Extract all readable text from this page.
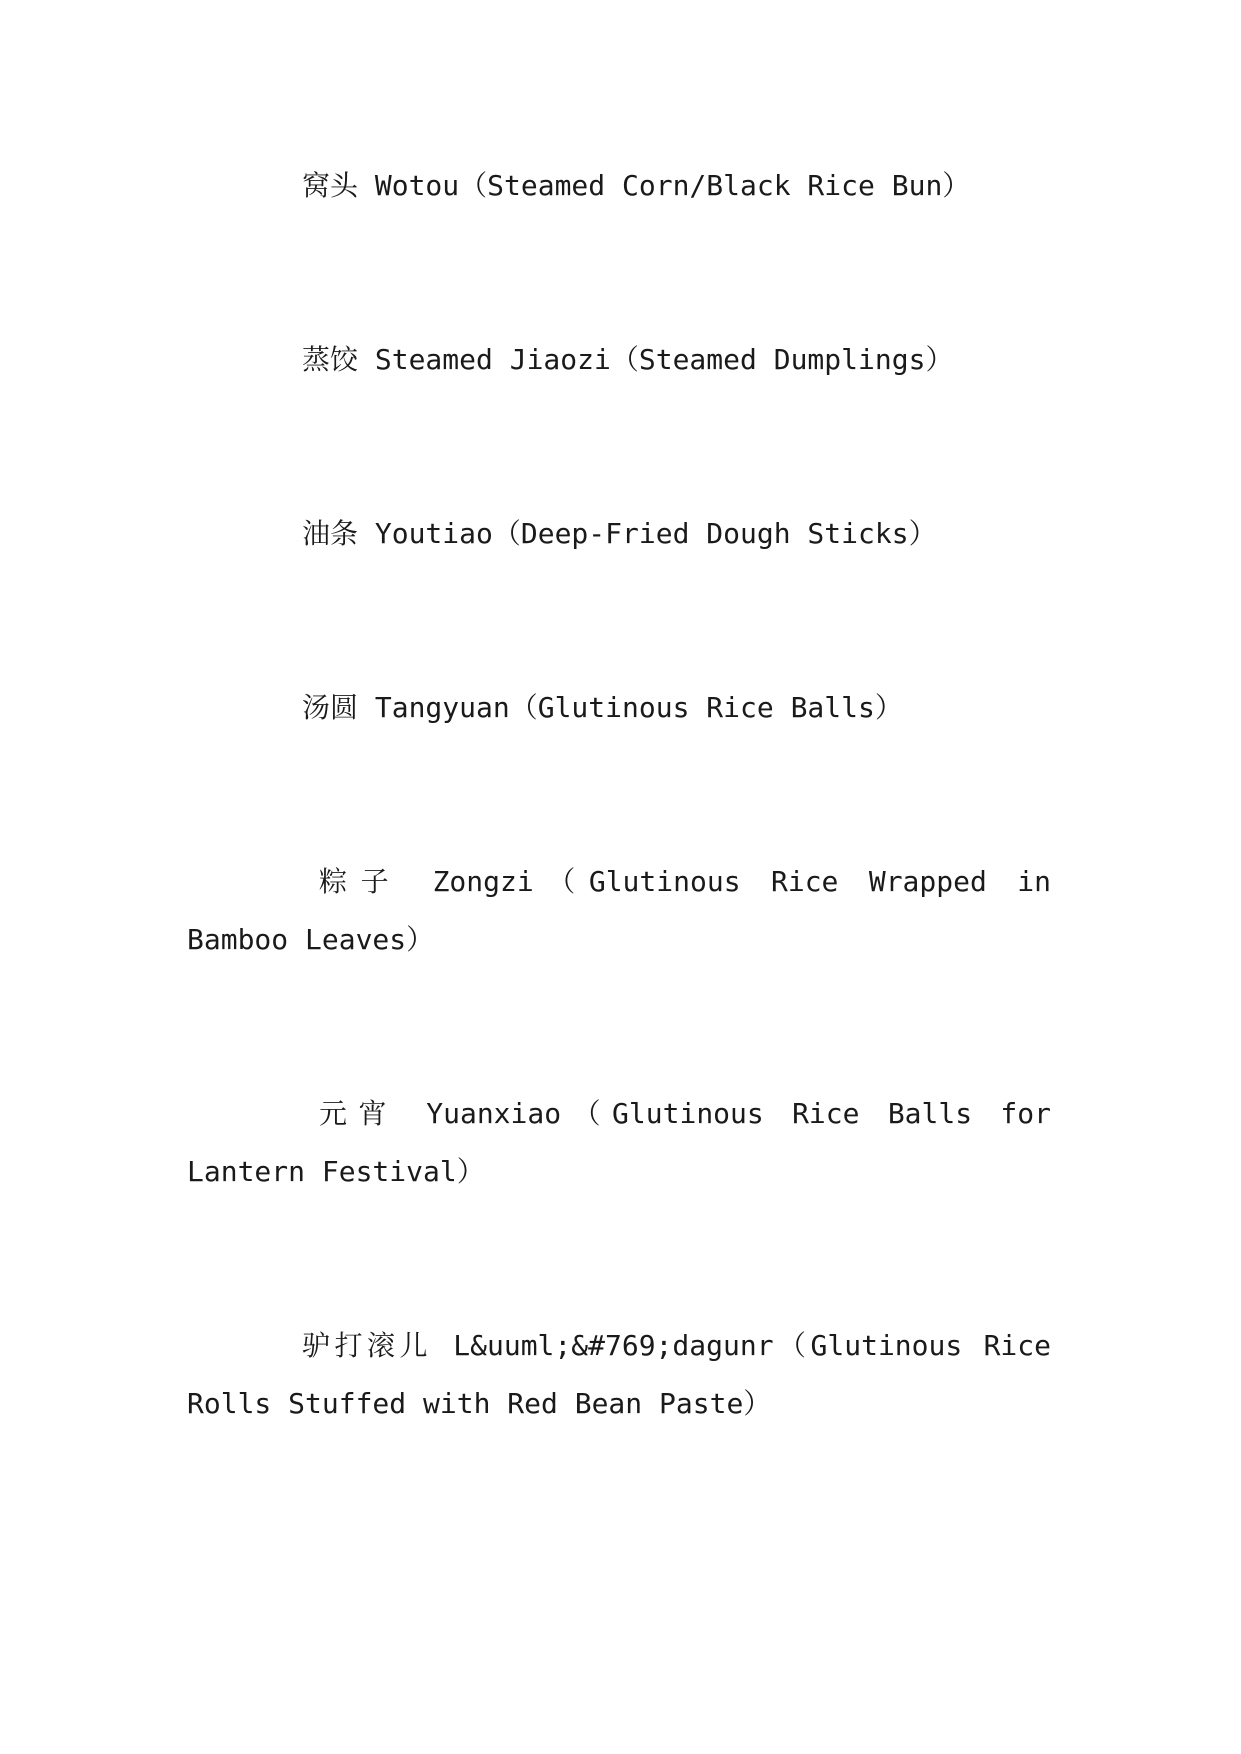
窝头 Wotou（Steamed Corn/Black Rice Bun）

蒸饺 Steamed Jiaozi（Steamed Dumplings）

油条 Youtiao（Deep-Fried Dough Sticks）

汤圆 Tangyuan（Glutinous Rice Balls）

粽子 Zongzi（Glutinous Rice Wrapped in Bamboo Leaves）

元宵 Yuanxiao（Glutinous Rice Balls for Lantern Festival）

驴打滚儿 L&uuml;&#769;dagunr（Glutinous Rice Rolls Stuffed with Red Bean Paste）
